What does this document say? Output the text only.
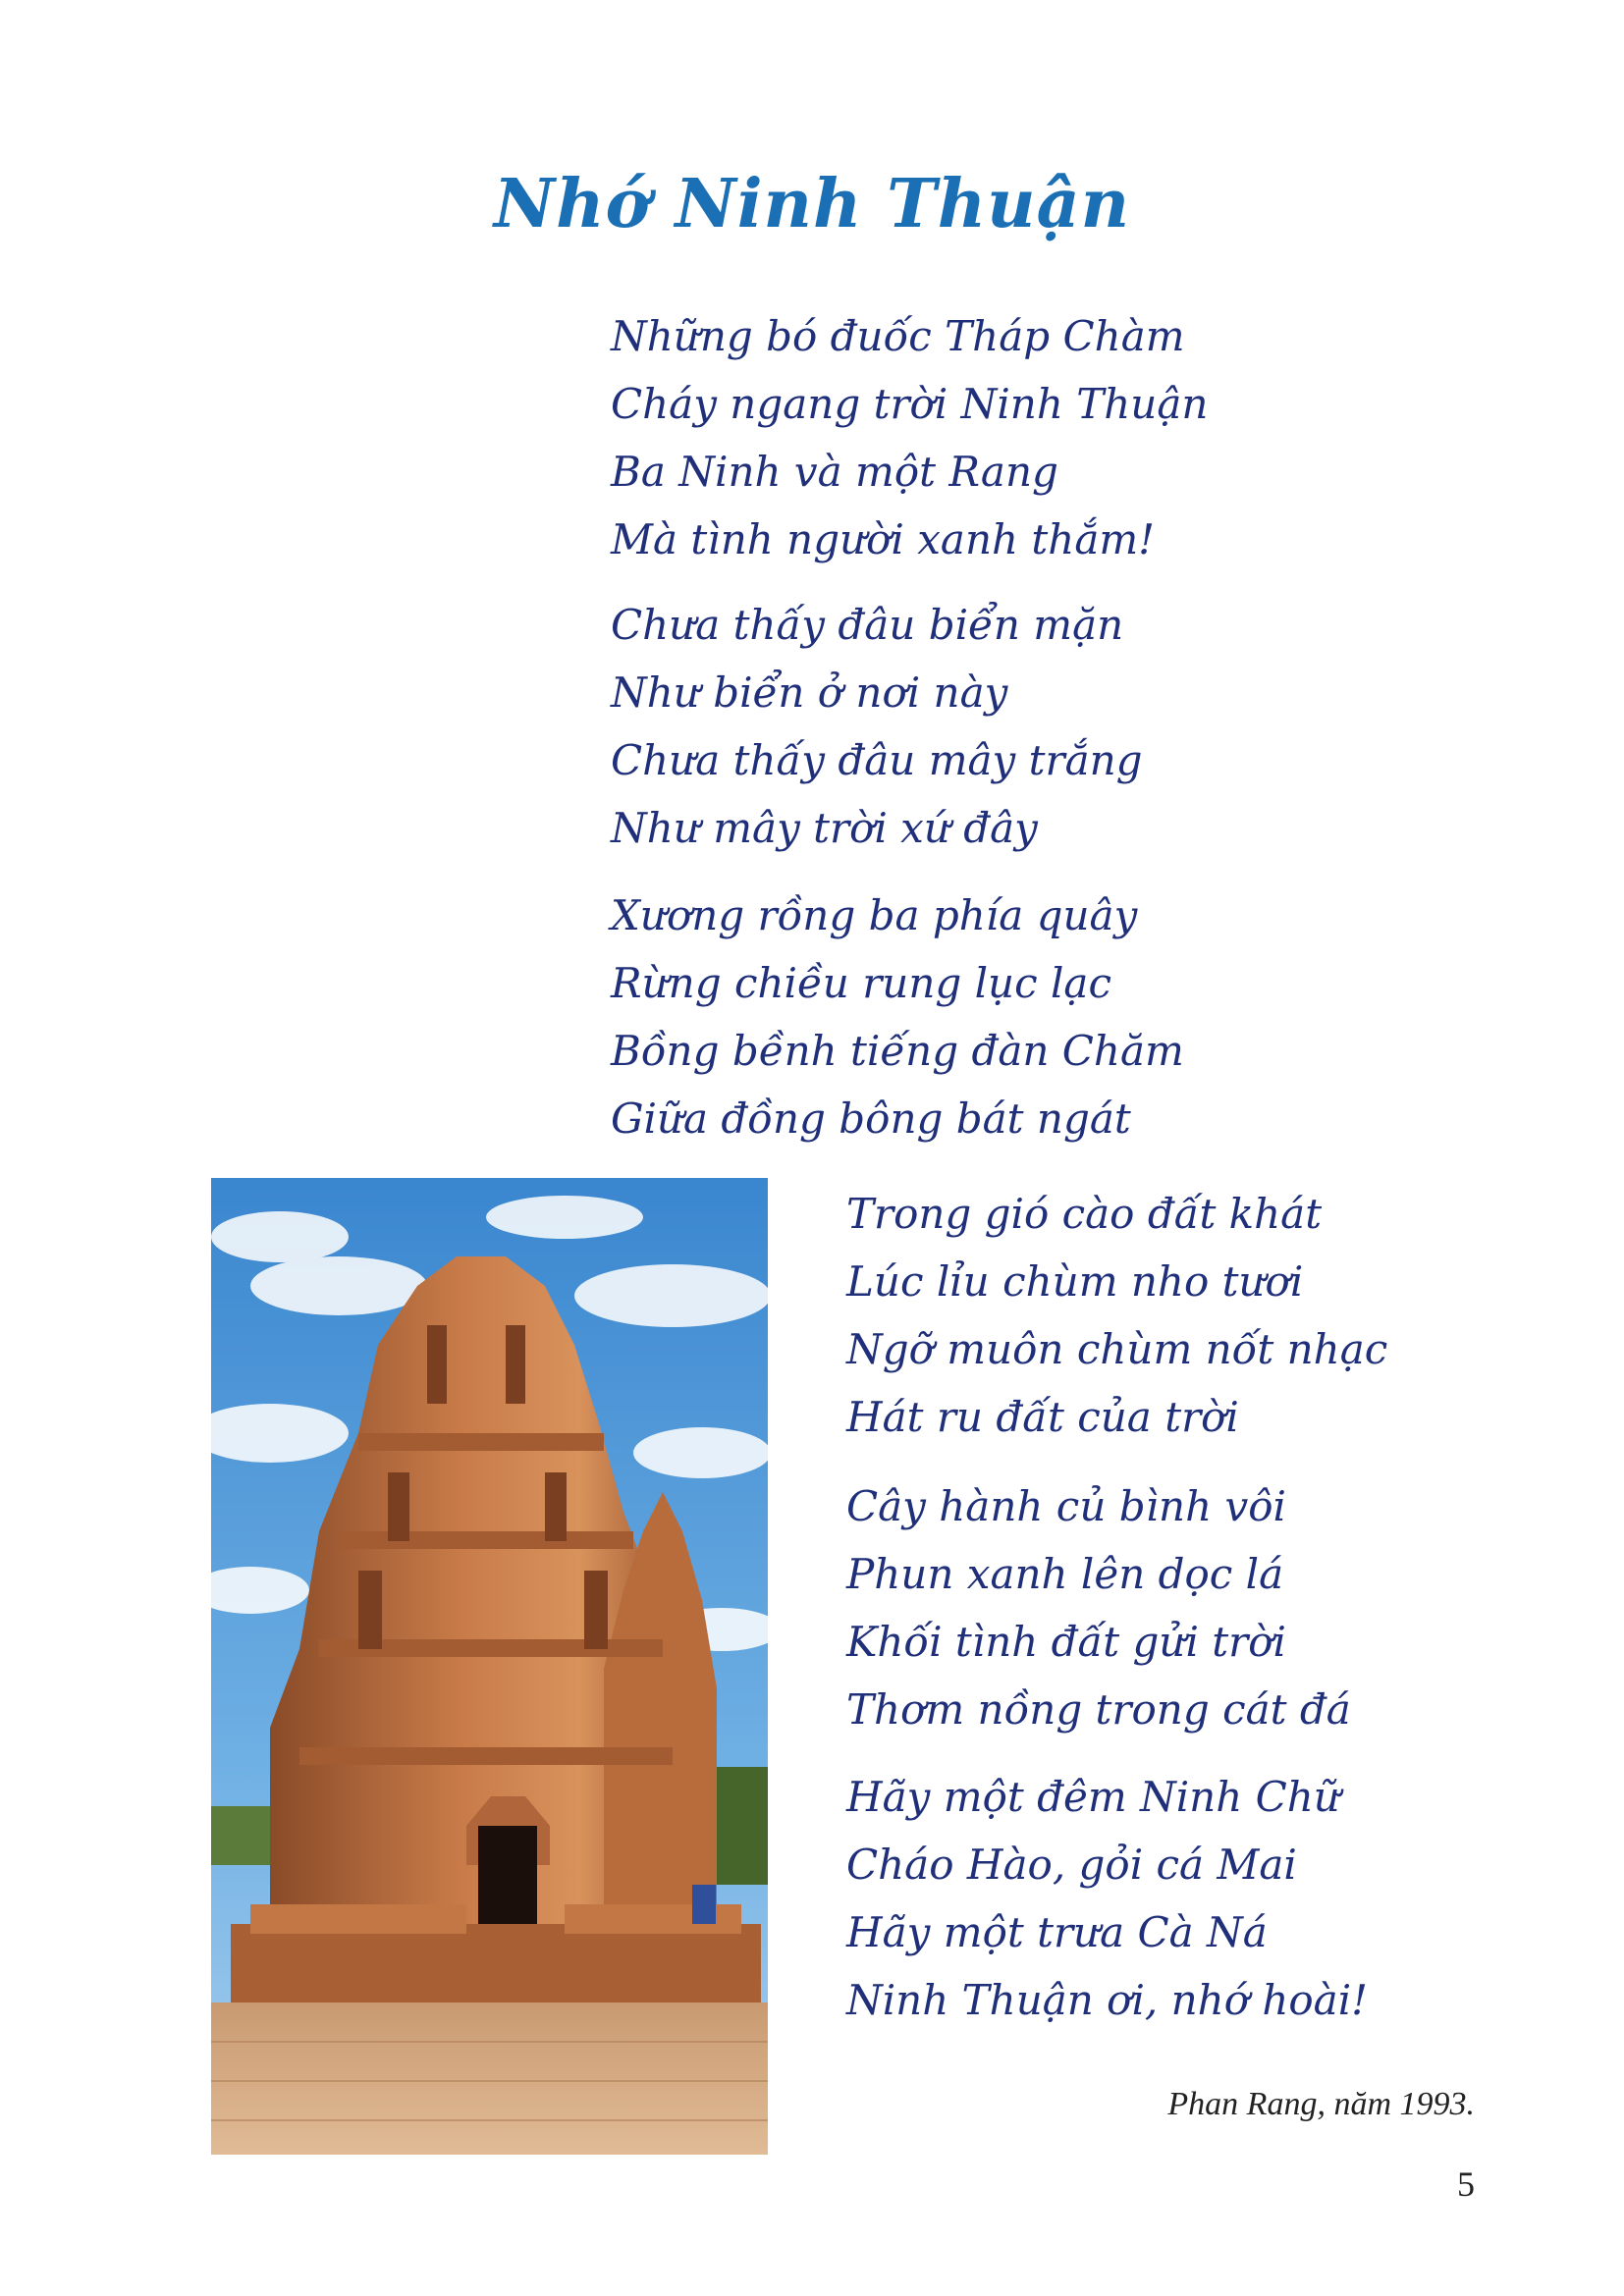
Nhớ Ninh Thuận
Những bó đuốc Tháp Chàm
Cháy ngang trời Ninh Thuận
Ba Ninh và một Rang
Mà tình người xanh thắm!
Chưa thấy đâu biển mặn
Như biển ở nơi này
Chưa thấy đâu mây trắng
Như mây trời xứ đây
Xương rồng ba phía quây
Rừng chiều rung lục lạc
Bồng bềnh tiếng đàn Chăm
Giữa đồng bông bát ngát
Trong gió cào đất khát
Lúc lỉu chùm nho tươi
Ngỡ muôn chùm nốt nhạc
Hát ru đất của trời
Cây hành củ bình vôi
Phun xanh lên dọc lá
Khối tình đất gửi trời
Thơm nồng trong cát đá
Hãy một đêm Ninh Chữ
Cháo Hào, gỏi cá Mai
Hãy một trưa Cà Ná
Ninh Thuận ơi, nhớ hoài!
Phan Rang, năm 1993.
5
